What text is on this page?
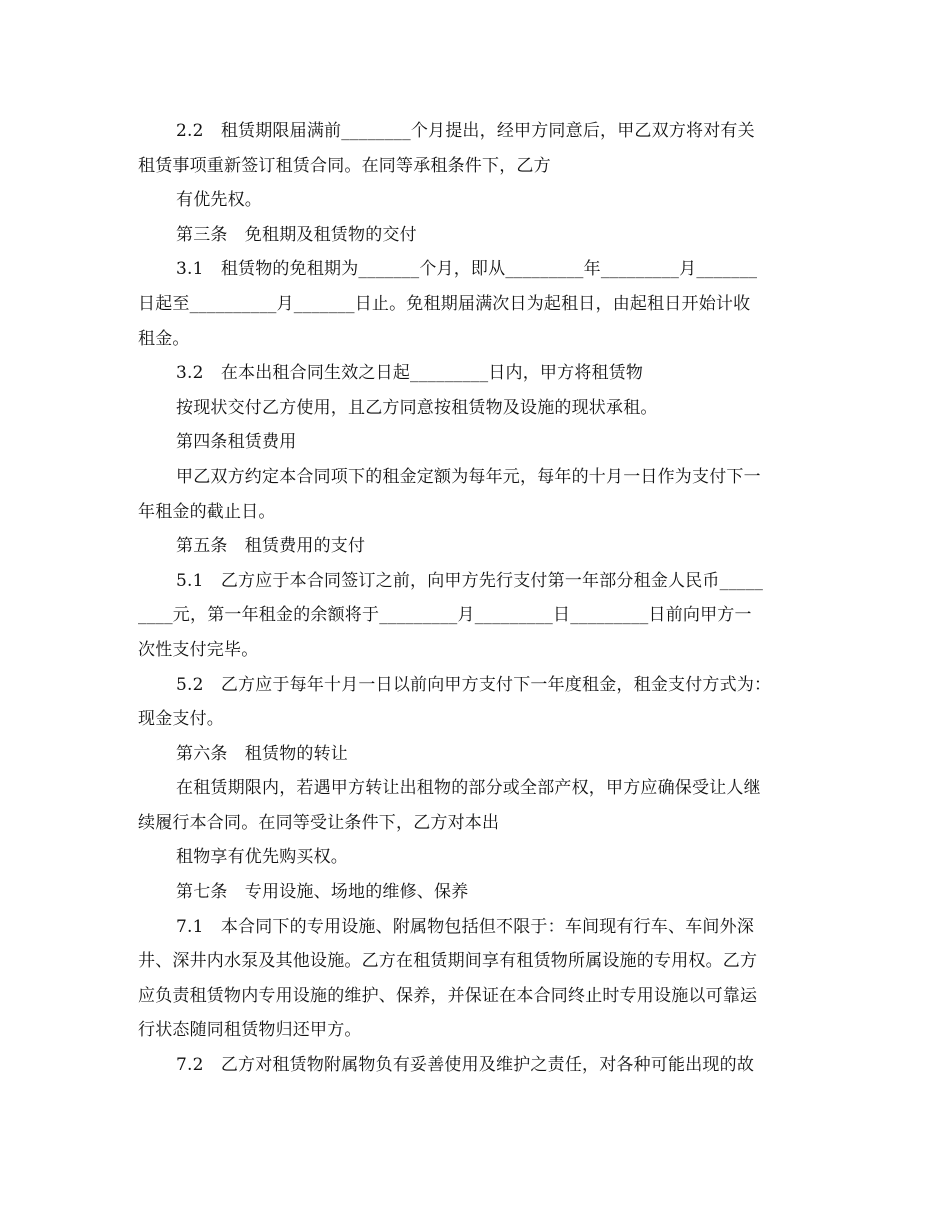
2.2　租赁期限届满前________个月提出，经甲方同意后，甲乙双方将对有关
租赁事项重新签订租赁合同。在同等承租条件下，乙方
有优先权。
第三条　免租期及租赁物的交付
3.1　租赁物的免租期为_______个月，即从_________年_________月_______
日起至__________月_______日止。免租期届满次日为起租日，由起租日开始计收
租金。
3.2　在本出租合同生效之日起_________日内，甲方将租赁物
按现状交付乙方使用，且乙方同意按租赁物及设施的现状承租。
第四条租赁费用
甲乙双方约定本合同项下的租金定额为每年元，每年的十月一日作为支付下一
年租金的截止日。
第五条　租赁费用的支付
5.1　乙方应于本合同签订之前，向甲方先行支付第一年部分租金人民币_____
____元，第一年租金的余额将于_________月_________日_________日前向甲方一
次性支付完毕。
5.2　乙方应于每年十月一日以前向甲方支付下一年度租金，租金支付方式为：
现金支付。
第六条　租赁物的转让
在租赁期限内，若遇甲方转让出租物的部分或全部产权，甲方应确保受让人继
续履行本合同。在同等受让条件下，乙方对本出
租物享有优先购买权。
第七条　专用设施、场地的维修、保养
7.1　本合同下的专用设施、附属物包括但不限于：车间现有行车、车间外深
井、深井内水泵及其他设施。乙方在租赁期间享有租赁物所属设施的专用权。乙方
应负责租赁物内专用设施的维护、保养，并保证在本合同终止时专用设施以可靠运
行状态随同租赁物归还甲方。
7.2　乙方对租赁物附属物负有妥善使用及维护之责任，对各种可能出现的故
